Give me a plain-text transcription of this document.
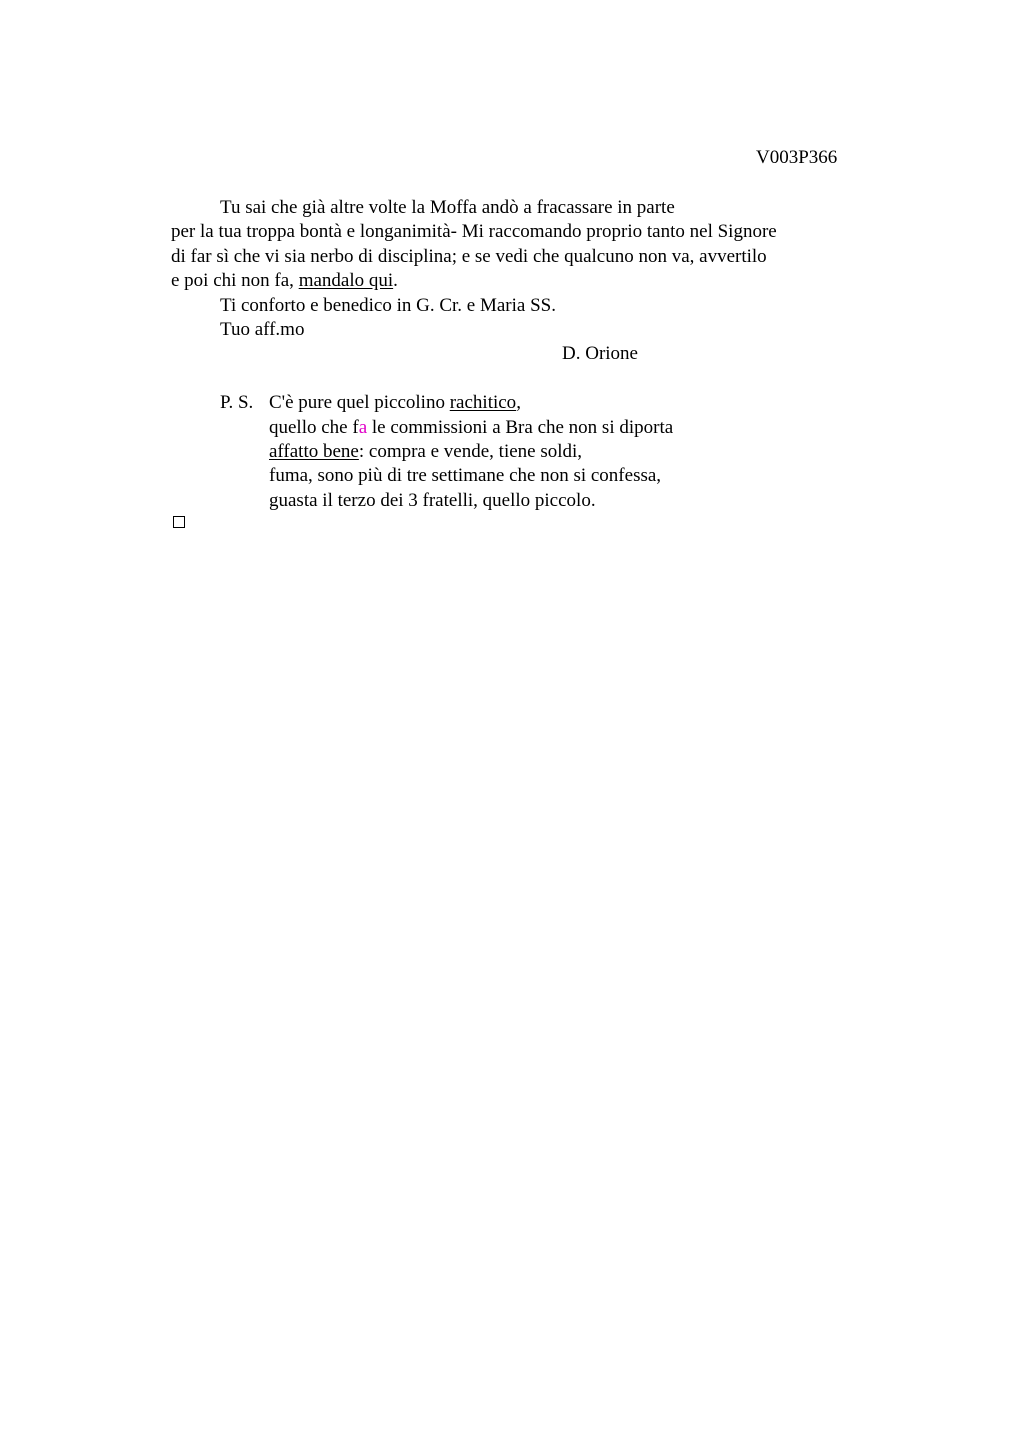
V003P366
Tu sai che già altre volte la Moffa andò a fracassare in parte
per la tua troppa bontà e longanimità- Mi raccomando proprio tanto nel Signore
di far sì che vi sia nerbo di disciplina; e se vedi che qualcuno non va, avvertilo
e poi chi non fa, mandalo qui.
Ti conforto e benedico in G. Cr. e Maria SS.
Tuo aff.mo
D. Orione
P. S. C'è pure quel piccolino rachitico,
quello che fa le commissioni a Bra che non si diporta
affatto bene: compra e vende, tiene soldi,
fuma, sono più di tre settimane che non si confessa,
guasta il terzo dei 3 fratelli, quello piccolo.
